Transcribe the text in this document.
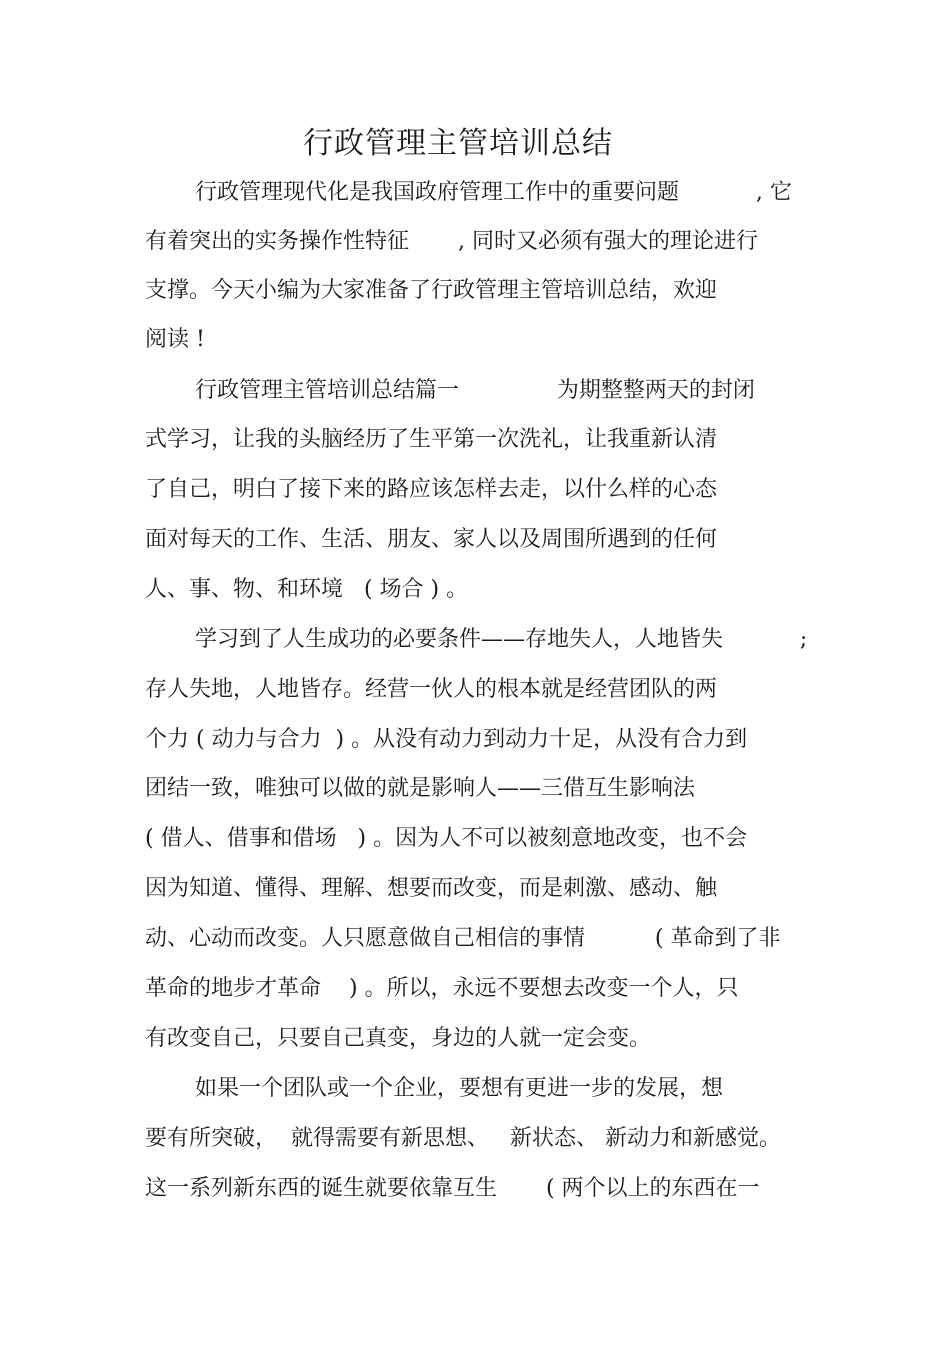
行政管理主管培训总结
行政管理现代化是我国政府管理工作中的重要问题           , 它
有着突出的实务操作性特征       , 同时又必须有强大的理论进行
支撑。今天小编为大家准备了行政管理主管培训总结，欢迎
阅读 !
行政管理主管培训总结篇一              为期整整两天的封闭
式学习，让我的头脑经历了生平第一次洗礼，让我重新认清
了自己，明白了接下来的路应该怎样去走，以什么样的心态
面对每天的工作、生活、朋友、家人以及周围所遇到的任何
人、事、物、和环境   ( 场合 ) 。
学习到了人生成功的必要条件——存地失人，人地皆失           ;
存人失地，人地皆存。经营一伙人的根本就是经营团队的两
个力 ( 动力与合力  ) 。从没有动力到动力十足，从没有合力到
团结一致，唯独可以做的就是影响人——三借互生影响法
( 借人、借事和借场   ) 。因为人不可以被刻意地改变，也不会
因为知道、懂得、理解、想要而改变，而是刺激、感动、触
动、心动而改变。人只愿意做自己相信的事情          ( 革命到了非
革命的地步才革命    ) 。所以，永远不要想去改变一个人，只
有改变自己，只要自己真变，身边的人就一定会变。
如果一个团队或一个企业，要想有更进一步的发展，想
要有所突破，  就得需要有新思想、   新状态、 新动力和新感觉。
这一系列新东西的诞生就要依靠互生       ( 两个以上的东西在一
